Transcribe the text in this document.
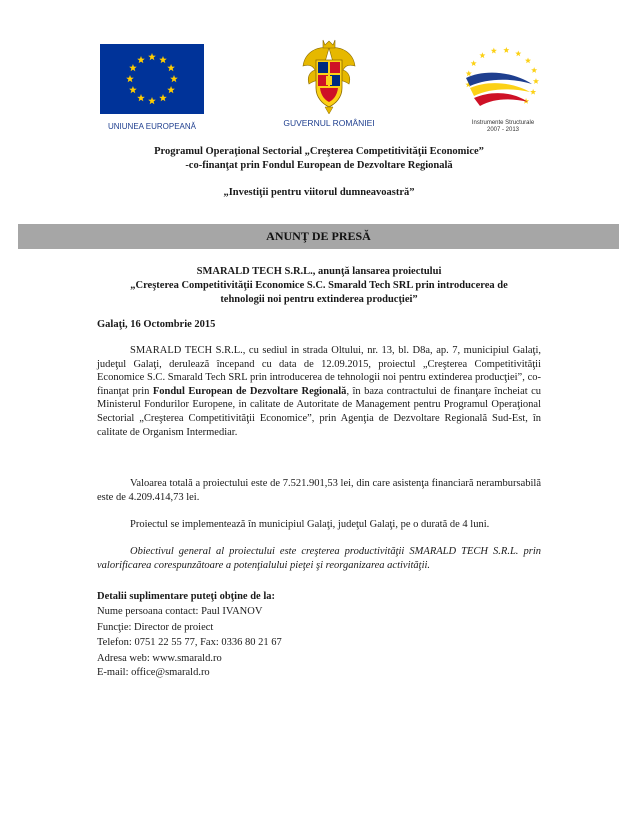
UNIUNEA EUROPEANĂ	GUVERNUL ROMÂNIEI	Instrumente Structurale
2007 - 2013
Programul Operaţional Sectorial „Creşterea Competitivităţii Economice”
-co-finanţat prin Fondul European de Dezvoltare Regională
„Investiţii pentru viitorul dumneavoastră”
ANUNŢ DE PRESĂ
SMARALD TECH S.R.L., anunţă lansarea proiectului
„Creşterea Competitivităţii Economice S.C. Smarald Tech SRL prin introducerea de
tehnologii noi pentru extinderea producţiei”
Galaţi, 16 Octombrie 2015
SMARALD TECH S.R.L., cu sediul in strada Oltului, nr. 13, bl. D8a, ap. 7, municipiul Galaţi, judeţul Galaţi, derulează începand cu data de 12.09.2015, proiectul „Creşterea Competitivităţii Economice S.C. Smarald Tech SRL prin introducerea de tehnologii noi pentru extinderea producţiei”, co-finanţat prin Fondul European de Dezvoltare Regională, în baza contractului de finanţare încheiat cu Ministerul Fondurilor Europene, in calitate de Autoritate de Management pentru Programul Operaţional Sectorial „Creşterea Competitivităţii Economice”, prin Agenţia de Dezvoltare Regională Sud-Est, în calitate de Organism Intermediar.
Valoarea totală a proiectului este de 7.521.901,53 lei, din care asistenţa financiară nerambursabilă este de 4.209.414,73 lei.
Proiectul se implementează în municipiul Galaţi, judeţul Galaţi, pe o durată de 4 luni.
Obiectivul general al proiectului este creşterea productivităţii SMARALD TECH S.R.L. prin valorificarea corespunzătoare a potenţialului pieţei şi reorganizarea activităţii.
Detalii suplimentare puteţi obţine de la:
Nume persoana contact: Paul IVANOV
Funcţie: Director de proiect
Telefon: 0751 22 55 77, Fax: 0336 80 21 67
Adresa web: www.smarald.ro
E-mail: office@smarald.ro
